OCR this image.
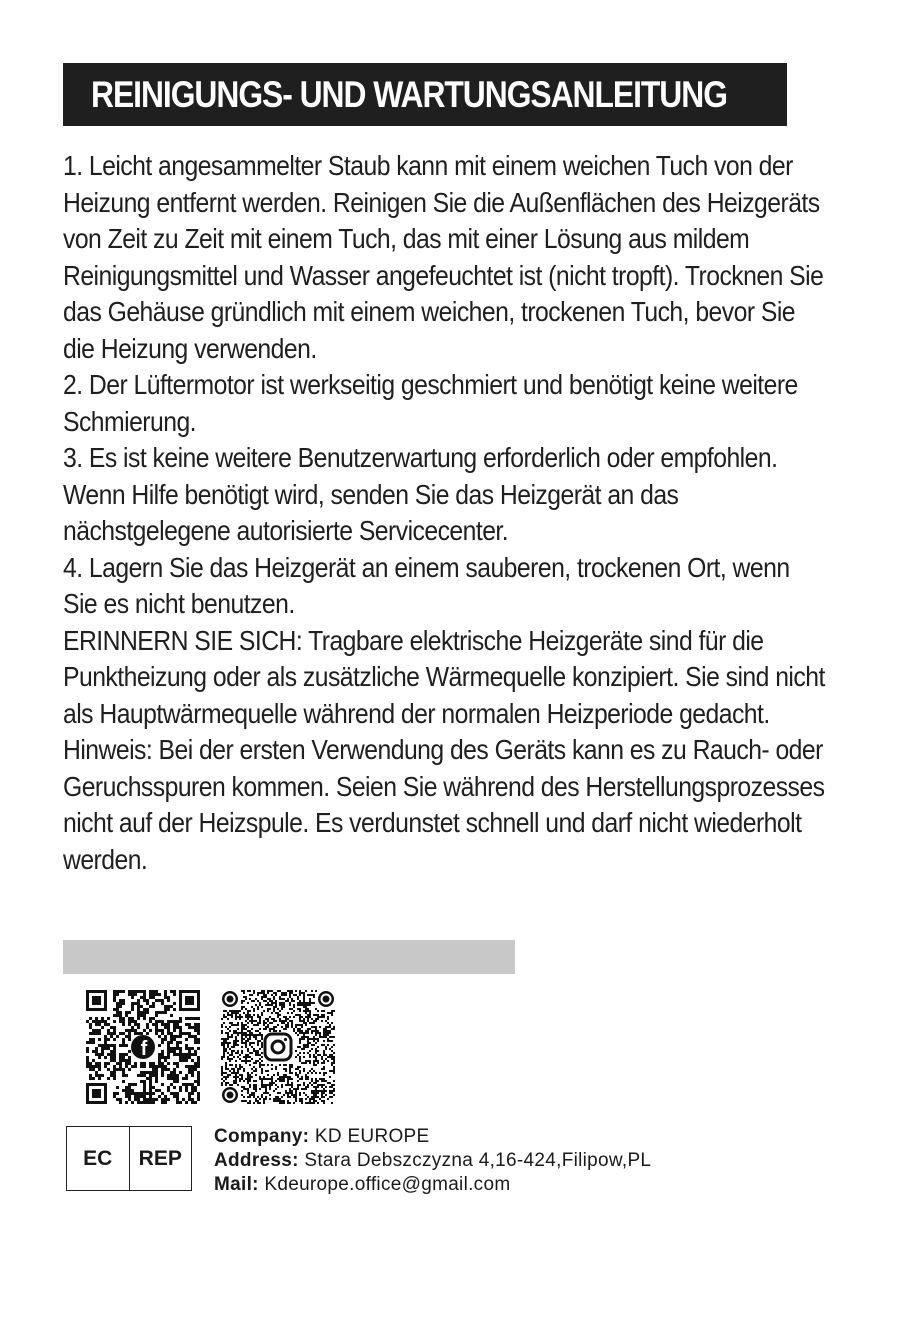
REINIGUNGS- UND WARTUNGSANLEITUNG
1. Leicht angesammelter Staub kann mit einem weichen Tuch von der
Heizung entfernt werden. Reinigen Sie die Außenflächen des Heizgeräts
von Zeit zu Zeit mit einem Tuch, das mit einer Lösung aus mildem
Reinigungsmittel und Wasser angefeuchtet ist (nicht tropft). Trocknen Sie
das Gehäuse gründlich mit einem weichen, trockenen Tuch, bevor Sie
die Heizung verwenden.
2. Der Lüftermotor ist werkseitig geschmiert und benötigt keine weitere
Schmierung.
3. Es ist keine weitere Benutzerwartung erforderlich oder empfohlen.
Wenn Hilfe benötigt wird, senden Sie das Heizgerät an das
nächstgelegene autorisierte Servicecenter.
4. Lagern Sie das Heizgerät an einem sauberen, trockenen Ort, wenn
Sie es nicht benutzen.
ERINNERN SIE SICH: Tragbare elektrische Heizgeräte sind für die
Punktheizung oder als zusätzliche Wärmequelle konzipiert. Sie sind nicht
als Hauptwärmequelle während der normalen Heizperiode gedacht.
Hinweis: Bei der ersten Verwendung des Geräts kann es zu Rauch- oder
Geruchsspuren kommen. Seien Sie während des Herstellungsprozesses
nicht auf der Heizspule. Es verdunstet schnell und darf nicht wiederholt
werden.
f
EC	REP
Company: KD EUROPE
Address: Stara Debszczyzna 4,16-424,Filipow,PL
Mail: Kdeurope.office@gmail.com
